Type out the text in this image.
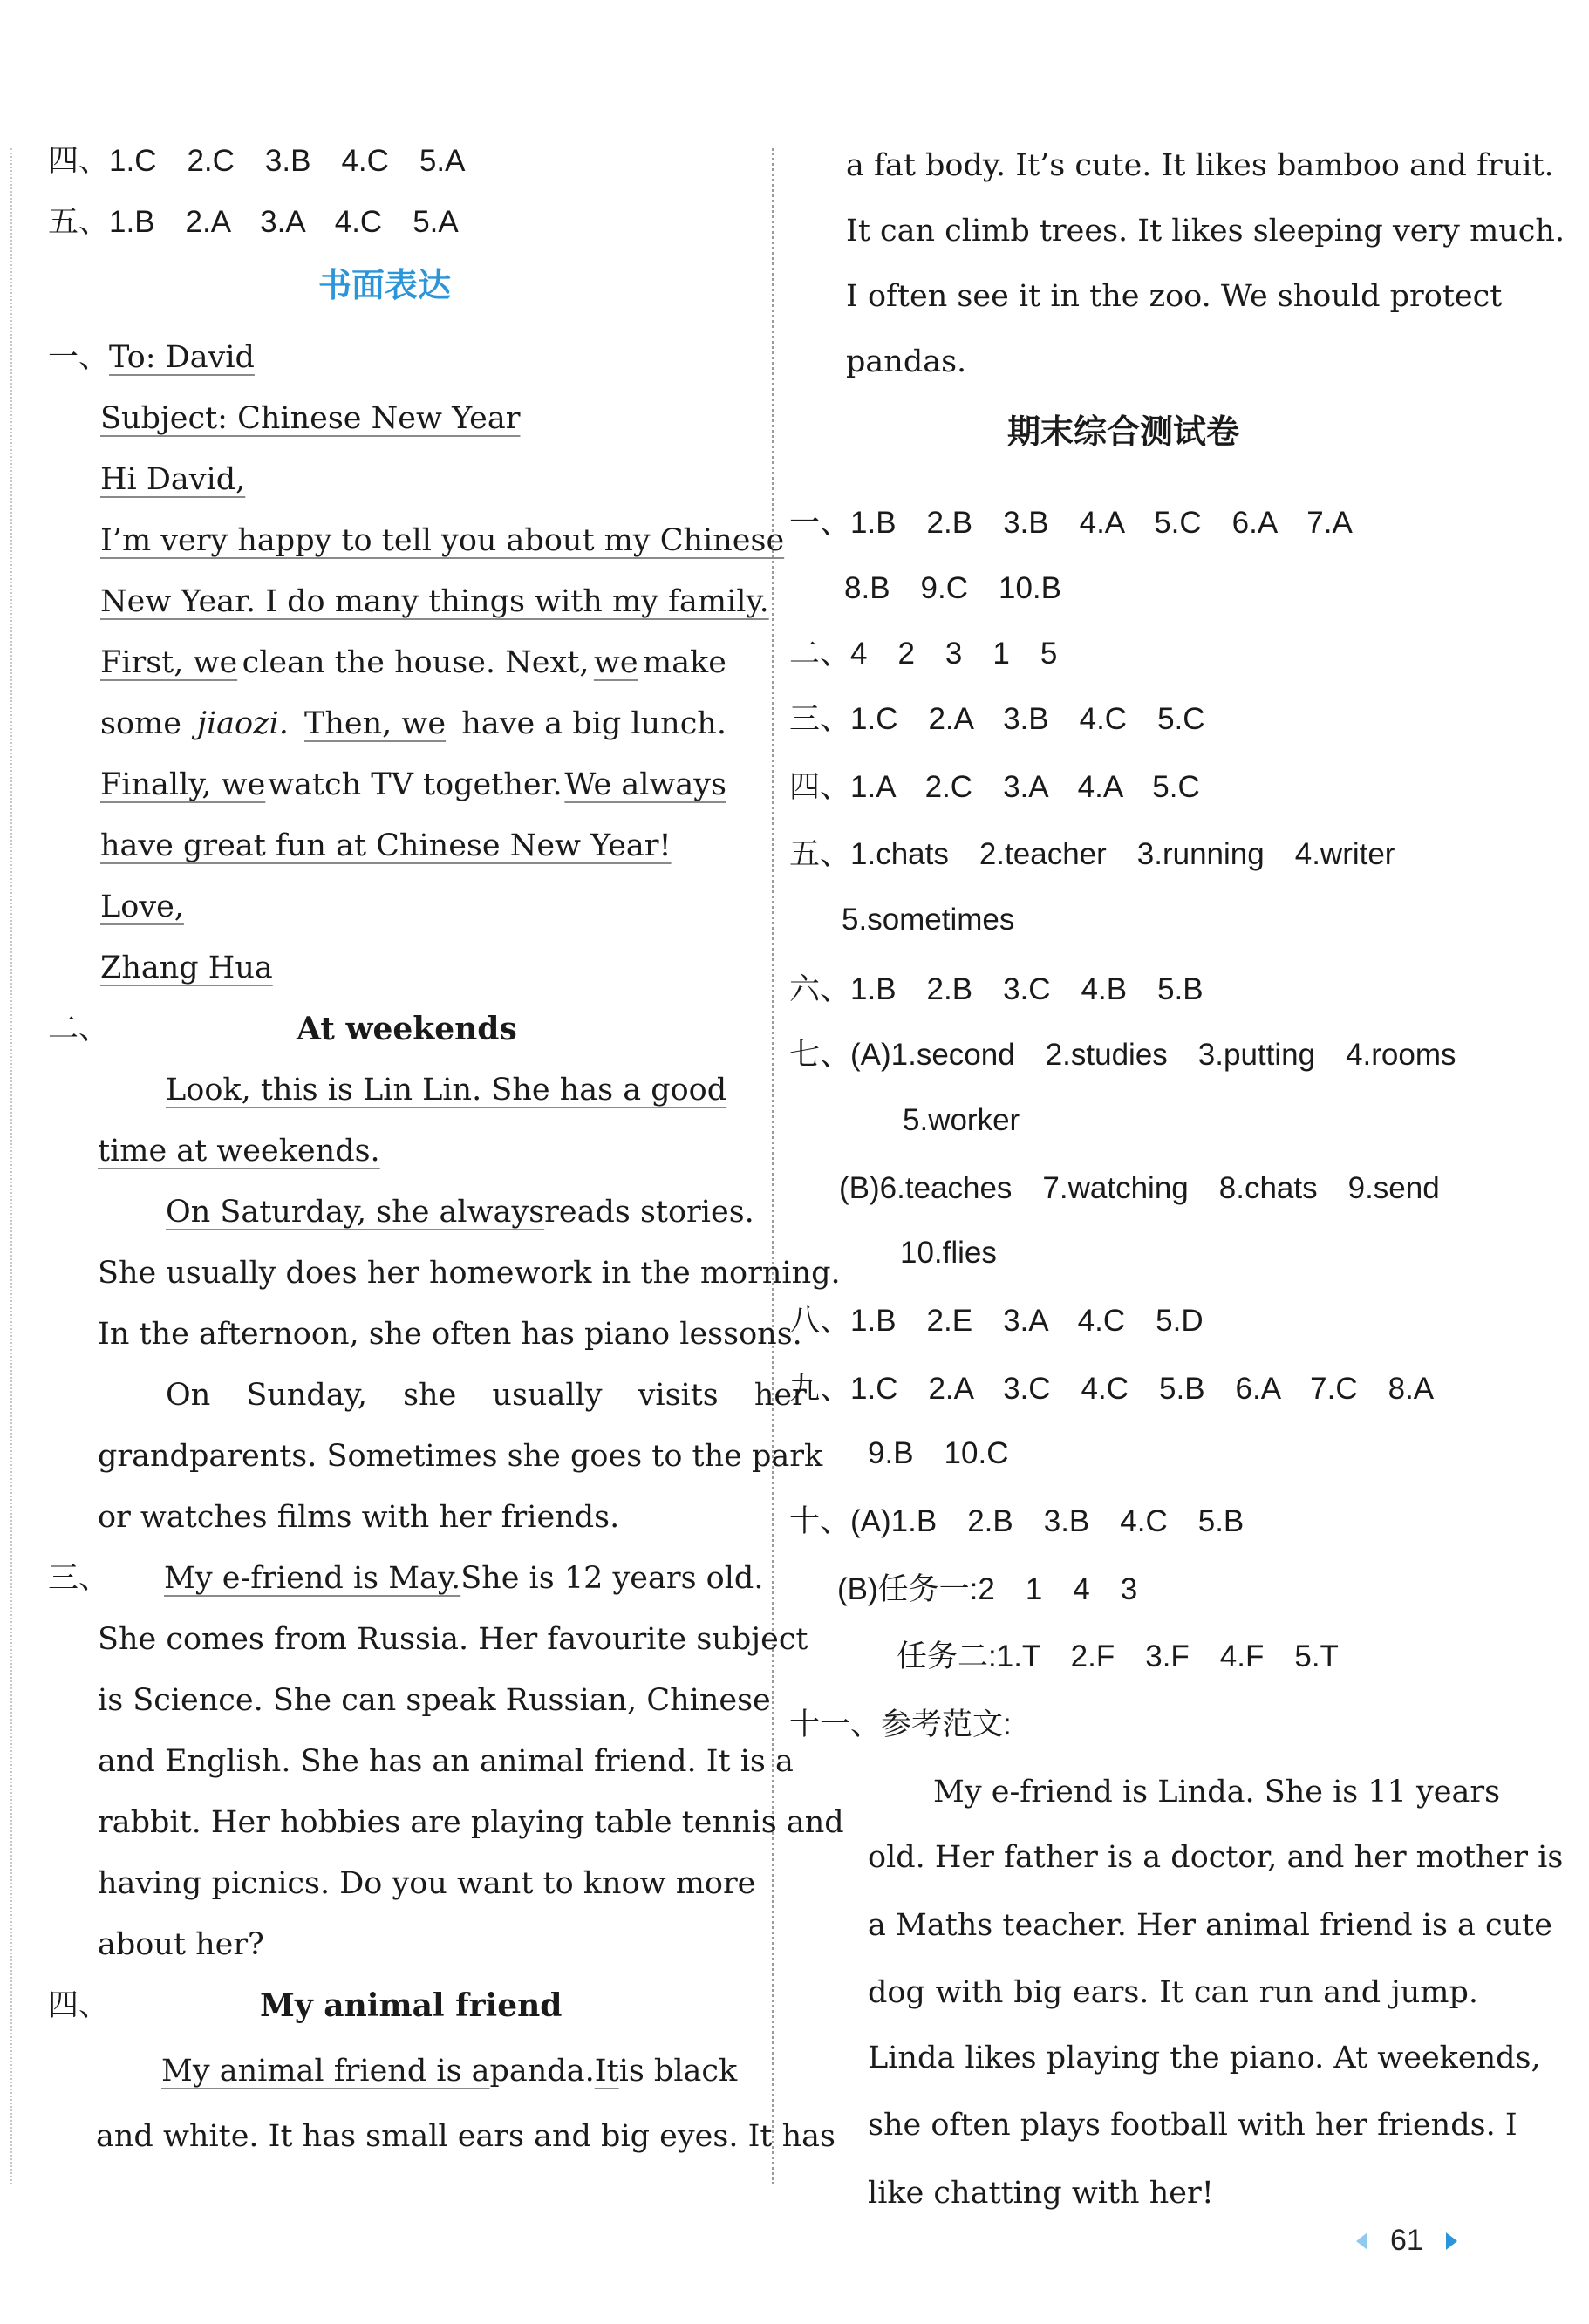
四、1.C　2.C　3.B　4.C　5.A
五、1.B　2.A　3.A　4.C　5.A
书面表达
一、To: David
Subject: Chinese New Year
Hi David,
I’m very happy to tell you about my Chinese
New Year. I do many things with my family.
First, we clean the house. Next, we make
some jiaozi. Then, we have a big lunch.
Finally, we watch TV together. We always
have great fun at Chinese New Year!
Love,
Zhang Hua
二、	At weekends
Look, this is Lin Lin. She has a good
time at weekends.
On Saturday, she always reads stories.
She usually does her homework in the morning.
In the afternoon, she often has piano lessons.
On Sunday, she usually visits her
grandparents. Sometimes she goes to the park
or watches films with her friends.
三、 My e-friend is May. She is 12 years old.
She comes from Russia. Her favourite subject
is Science. She can speak Russian, Chinese
and English. She has an animal friend. It is a
rabbit. Her hobbies are playing table tennis and
having picnics. Do you want to know more
about her?
四、	My animal friend
My animal friend is a panda. It is black
and white. It has small ears and big eyes. It has
a fat body. It’s cute. It likes bamboo and fruit.
It can climb trees. It likes sleeping very much.
I often see it in the zoo. We should protect
pandas.
期末综合测试卷
一、1.B　2.B　3.B　4.A　5.C　6.A　7.A
8.B　9.C　10.B
二、4　2　3　1　5
三、1.C　2.A　3.B　4.C　5.C
四、1.A　2.C　3.A　4.A　5.C
五、1.chats　2.teacher　3.running　4.writer
5.sometimes
六、1.B　2.B　3.C　4.B　5.B
七、(A)1.second　2.studies　3.putting　4.rooms
5.worker
(B)6.teaches　7.watching　8.chats　9.send
10.flies
八、1.B　2.E　3.A　4.C　5.D
九、1.C　2.A　3.C　4.C　5.B　6.A　7.C　8.A
9.B　10.C
十、(A)1.B　2.B　3.B　4.C　5.B
(B)任务一:2　1　4　3
任务二:1.T　2.F　3.F　4.F　5.T
十一、参考范文:
My e-friend is Linda. She is 11 years
old. Her father is a doctor, and her mother is
a Maths teacher. Her animal friend is a cute
dog with big ears. It can run and jump.
Linda likes playing the piano. At weekends,
she often plays football with her friends. I
like chatting with her!
61
